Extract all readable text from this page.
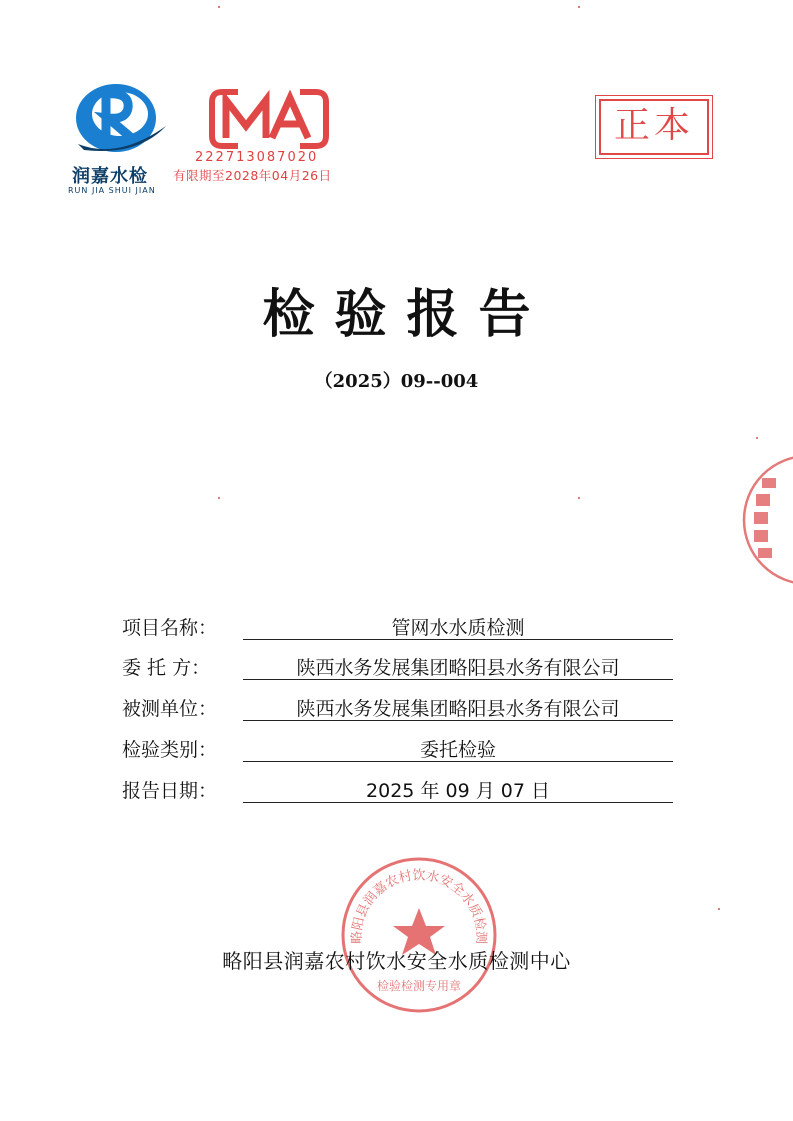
润嘉水检
RUN JIA SHUI JIAN
222713087020
有限期至2028年04月26日
正本
检验报告
（2025）09--004
项目名称：	管网水水质检测
委 托 方：	陕西水务发展集团略阳县水务有限公司
被测单位：	陕西水务发展集团略阳县水务有限公司
检验类别：	委托检验
报告日期：	2025 年 09 月 07 日
略阳县润嘉农村饮水安全水质检测
检验检测专用章
略阳县润嘉农村饮水安全水质检测中心
